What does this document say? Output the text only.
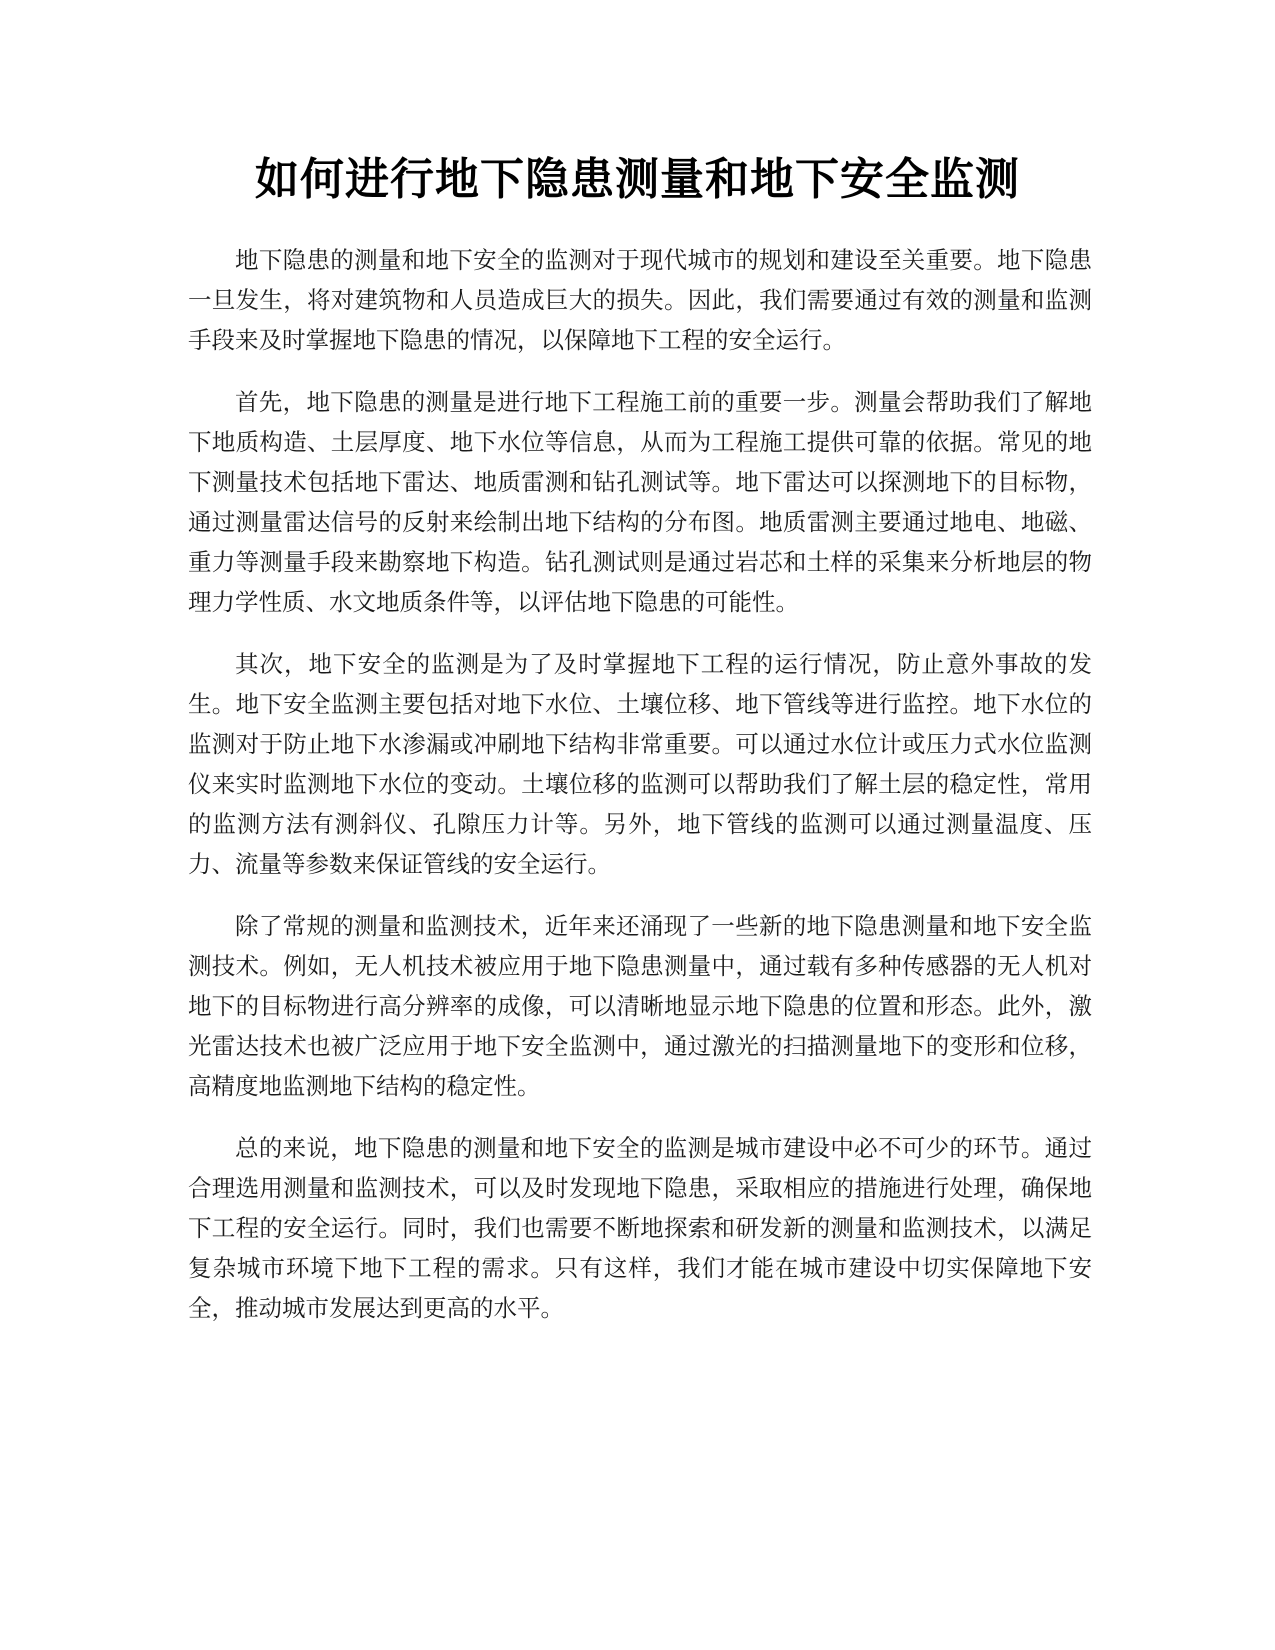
如何进行地下隐患测量和地下安全监测

地下隐患的测量和地下安全的监测对于现代城市的规划和建设至关重要。地下隐患一旦发生，将对建筑物和人员造成巨大的损失。因此，我们需要通过有效的测量和监测手段来及时掌握地下隐患的情况，以保障地下工程的安全运行。

首先，地下隐患的测量是进行地下工程施工前的重要一步。测量会帮助我们了解地下地质构造、土层厚度、地下水位等信息，从而为工程施工提供可靠的依据。常见的地下测量技术包括地下雷达、地质雷测和钻孔测试等。地下雷达可以探测地下的目标物，通过测量雷达信号的反射来绘制出地下结构的分布图。地质雷测主要通过地电、地磁、重力等测量手段来勘察地下构造。钻孔测试则是通过岩芯和土样的采集来分析地层的物理力学性质、水文地质条件等，以评估地下隐患的可能性。

其次，地下安全的监测是为了及时掌握地下工程的运行情况，防止意外事故的发生。地下安全监测主要包括对地下水位、土壤位移、地下管线等进行监控。地下水位的监测对于防止地下水渗漏或冲刷地下结构非常重要。可以通过水位计或压力式水位监测仪来实时监测地下水位的变动。土壤位移的监测可以帮助我们了解土层的稳定性，常用的监测方法有测斜仪、孔隙压力计等。另外，地下管线的监测可以通过测量温度、压力、流量等参数来保证管线的安全运行。

除了常规的测量和监测技术，近年来还涌现了一些新的地下隐患测量和地下安全监测技术。例如，无人机技术被应用于地下隐患测量中，通过载有多种传感器的无人机对地下的目标物进行高分辨率的成像，可以清晰地显示地下隐患的位置和形态。此外，激光雷达技术也被广泛应用于地下安全监测中，通过激光的扫描测量地下的变形和位移，高精度地监测地下结构的稳定性。

总的来说，地下隐患的测量和地下安全的监测是城市建设中必不可少的环节。通过合理选用测量和监测技术，可以及时发现地下隐患，采取相应的措施进行处理，确保地下工程的安全运行。同时，我们也需要不断地探索和研发新的测量和监测技术，以满足复杂城市环境下地下工程的需求。只有这样，我们才能在城市建设中切实保障地下安全，推动城市发展达到更高的水平。
